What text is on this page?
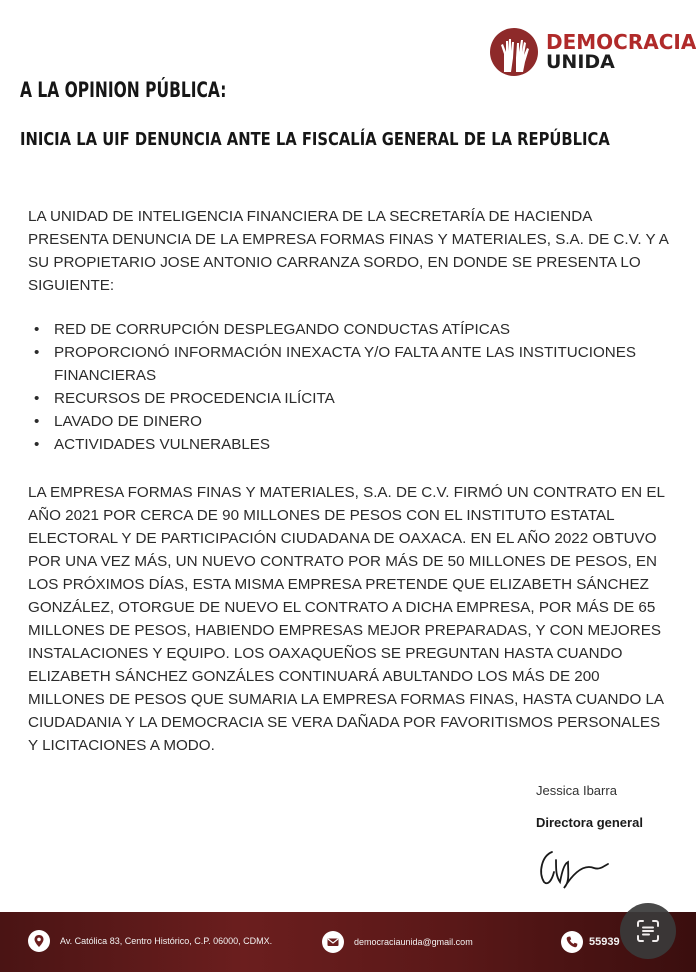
DEMOCRACIA
UNIDA
A LA OPINION PÚBLICA:
INICIA LA UIF DENUNCIA ANTE LA FISCALÍA GENERAL DE LA REPÚBLICA
LA UNIDAD DE INTELIGENCIA FINANCIERA DE LA SECRETARÍA DE HACIENDA PRESENTA DENUNCIA DE LA EMPRESA FORMAS FINAS Y MATERIALES, S.A. DE C.V. Y A SU PROPIETARIO JOSE ANTONIO CARRANZA SORDO, EN DONDE SE PRESENTA LO SIGUIENTE:
• RED DE CORRUPCIÓN DESPLEGANDO CONDUCTAS ATÍPICAS
• PROPORCIONÓ INFORMACIÓN INEXACTA Y/O FALTA ANTE LAS INSTITUCIONES FINANCIERAS
• RECURSOS DE PROCEDENCIA ILÍCITA
• LAVADO DE DINERO
• ACTIVIDADES VULNERABLES
LA EMPRESA FORMAS FINAS Y MATERIALES, S.A. DE C.V. FIRMÓ UN CONTRATO EN EL AÑO 2021 POR CERCA DE 90 MILLONES DE PESOS CON EL INSTITUTO ESTATAL ELECTORAL Y DE PARTICIPACIÓN CIUDADANA DE OAXACA. EN EL AÑO 2022 OBTUVO POR UNA VEZ MÁS, UN NUEVO CONTRATO POR MÁS DE 50 MILLONES DE PESOS, EN LOS PRÓXIMOS DÍAS, ESTA MISMA EMPRESA PRETENDE QUE ELIZABETH SÁNCHEZ GONZÁLEZ, OTORGUE DE NUEVO EL CONTRATO A DICHA EMPRESA, POR MÁS DE 65 MILLONES DE PESOS, HABIENDO EMPRESAS MEJOR PREPARADAS, Y CON MEJORES INSTALACIONES Y EQUIPO. LOS OAXAQUEÑOS SE PREGUNTAN HASTA CUANDO ELIZABETH SÁNCHEZ GONZÁLES CONTINUARÁ ABULTANDO LOS MÁS DE 200 MILLONES DE PESOS QUE SUMARIA LA EMPRESA FORMAS FINAS, HASTA CUANDO LA CIUDADANIA Y LA DEMOCRACIA SE VERA DAÑADA POR FAVORITISMOS PERSONALES Y LICITACIONES A MODO.
Jessica Ibarra
Directora general
Av. Católica 83, Centro Histórico, C.P. 06000, CDMX.	democraciaunida@gmail.com	55939
